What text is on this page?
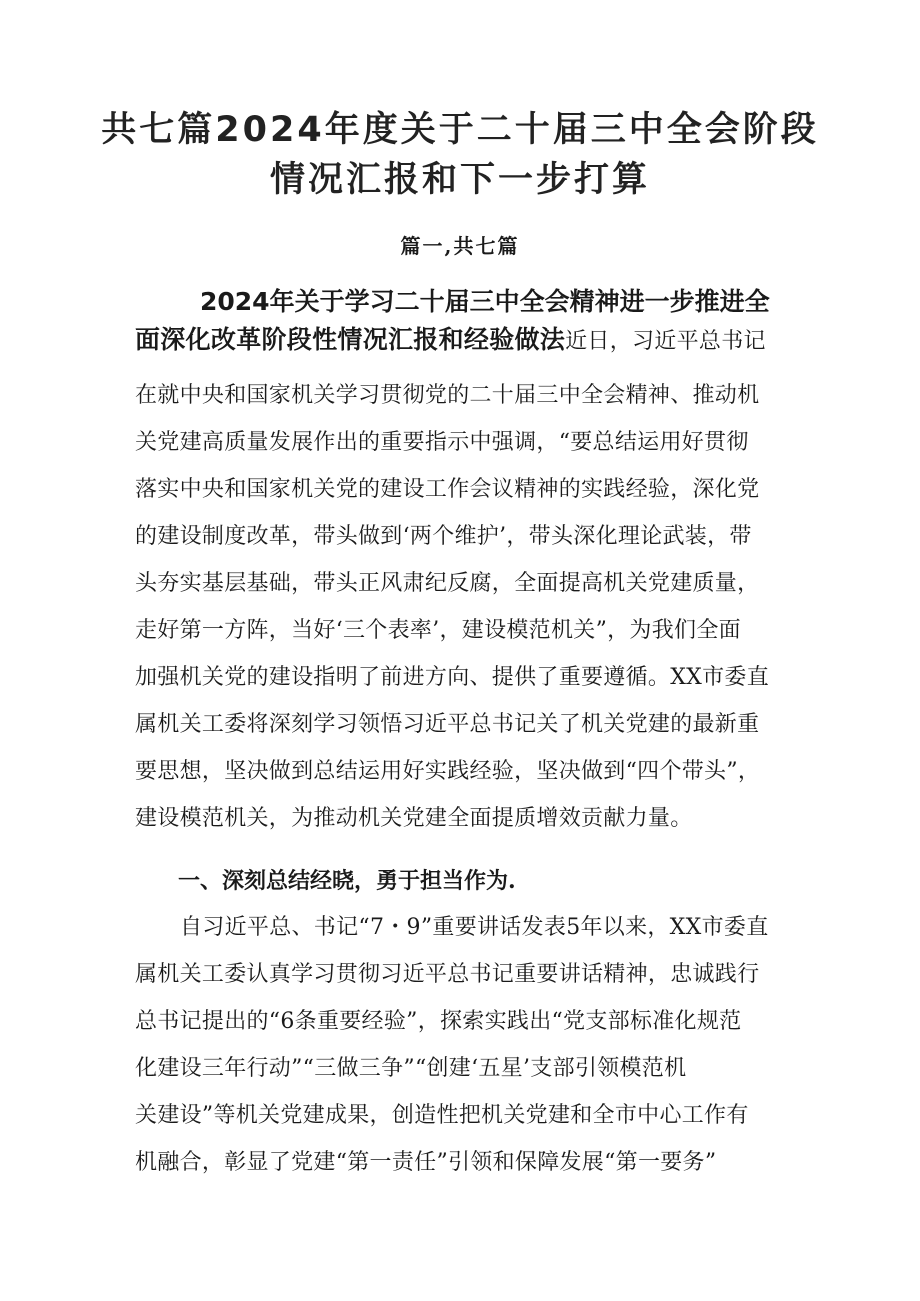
共七篇2024年度关于二十届三中全会阶段
情况汇报和下一步打算
篇一,共七篇
2024年关于学习二十届三中全会精神进一步推进全
面深化改革阶段性情况汇报和经验做法近日，习近平总书记
在就中央和国家机关学习贯彻党的二十届三中全会精神、推动机
关党建高质量发展作出的重要指示中强调，“要总结运用好贯彻
落实中央和国家机关党的建设工作会议精神的实践经验，深化党
的建设制度改革，带头做到‘两个维护’，带头深化理论武装，带
头夯实基层基础，带头正风肃纪反腐，全面提高机关党建质量，
走好第一方阵，当好‘三个表率’，建设模范机关”，为我们全面
加强机关党的建设指明了前进方向、提供了重要遵循。XX市委直
属机关工委将深刻学习领悟习近平总书记关了机关党建的最新重
要思想，坚决做到总结运用好实践经验，坚决做到“四个带头”，
建设模范机关，为推动机关党建全面提质增效贡献力量。
一、深刻总结经晓，勇于担当作为.
自习近平总、书记“7・9”重要讲话发表5年以来，XX市委直
属机关工委认真学习贯彻习近平总书记重要讲话精神，忠诚践行
总书记提出的“6条重要经验”，探索实践出“党支部标准化规范
化建设三年行动”“三做三争”“创建‘五星’支部引领模范机
关建设”等机关党建成果，创造性把机关党建和全市中心工作有
机融合，彰显了党建“第一责任”引领和保障发展“第一要务”
